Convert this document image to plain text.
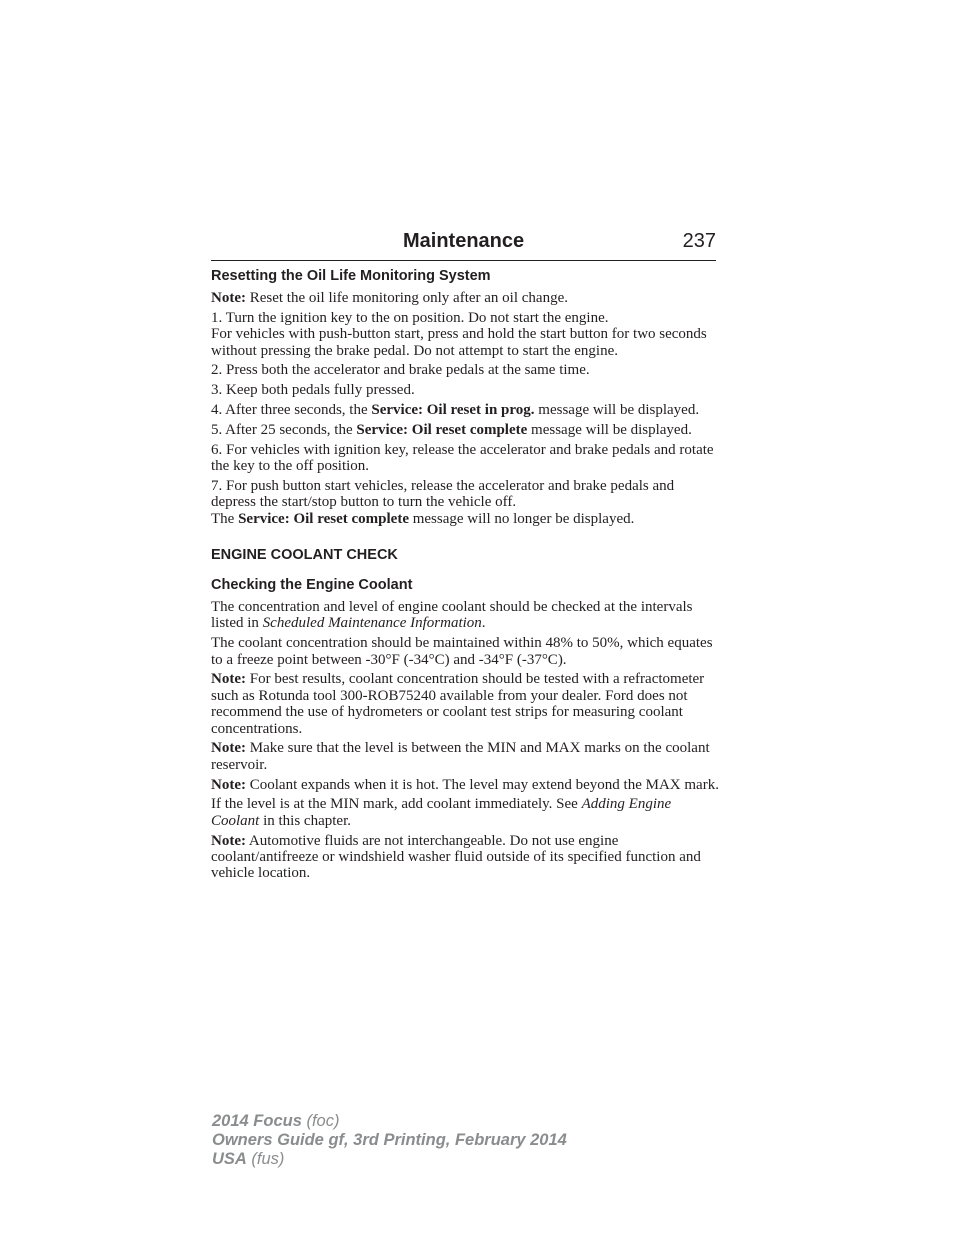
Maintenance	237

Resetting the Oil Life Monitoring System

Note: Reset the oil life monitoring only after an oil change.

1. Turn the ignition key to the on position. Do not start the engine.

For vehicles with push-button start, press and hold the start button for two seconds without pressing the brake pedal. Do not attempt to start the engine.

2. Press both the accelerator and brake pedals at the same time.

3. Keep both pedals fully pressed.

4. After three seconds, the Service: Oil reset in prog. message will be displayed.

5. After 25 seconds, the Service: Oil reset complete message will be displayed.

6. For vehicles with ignition key, release the accelerator and brake pedals and rotate the key to the off position.

7. For push button start vehicles, release the accelerator and brake pedals and depress the start/stop button to turn the vehicle off.

The Service: Oil reset complete message will no longer be displayed.

ENGINE COOLANT CHECK

Checking the Engine Coolant

The concentration and level of engine coolant should be checked at the intervals listed in Scheduled Maintenance Information.

The coolant concentration should be maintained within 48% to 50%, which equates to a freeze point between -30°F (-34°C) and -34°F (-37°C).

Note: For best results, coolant concentration should be tested with a refractometer such as Rotunda tool 300-ROB75240 available from your dealer. Ford does not recommend the use of hydrometers or coolant test strips for measuring coolant concentrations.

Note: Make sure that the level is between the MIN and MAX marks on the coolant reservoir.

Note: Coolant expands when it is hot. The level may extend beyond the MAX mark.

If the level is at the MIN mark, add coolant immediately. See Adding Engine Coolant in this chapter.

Note: Automotive fluids are not interchangeable. Do not use engine coolant/antifreeze or windshield washer fluid outside of its specified function and vehicle location.

2014 Focus (foc)
Owners Guide gf, 3rd Printing, February 2014
USA (fus)
